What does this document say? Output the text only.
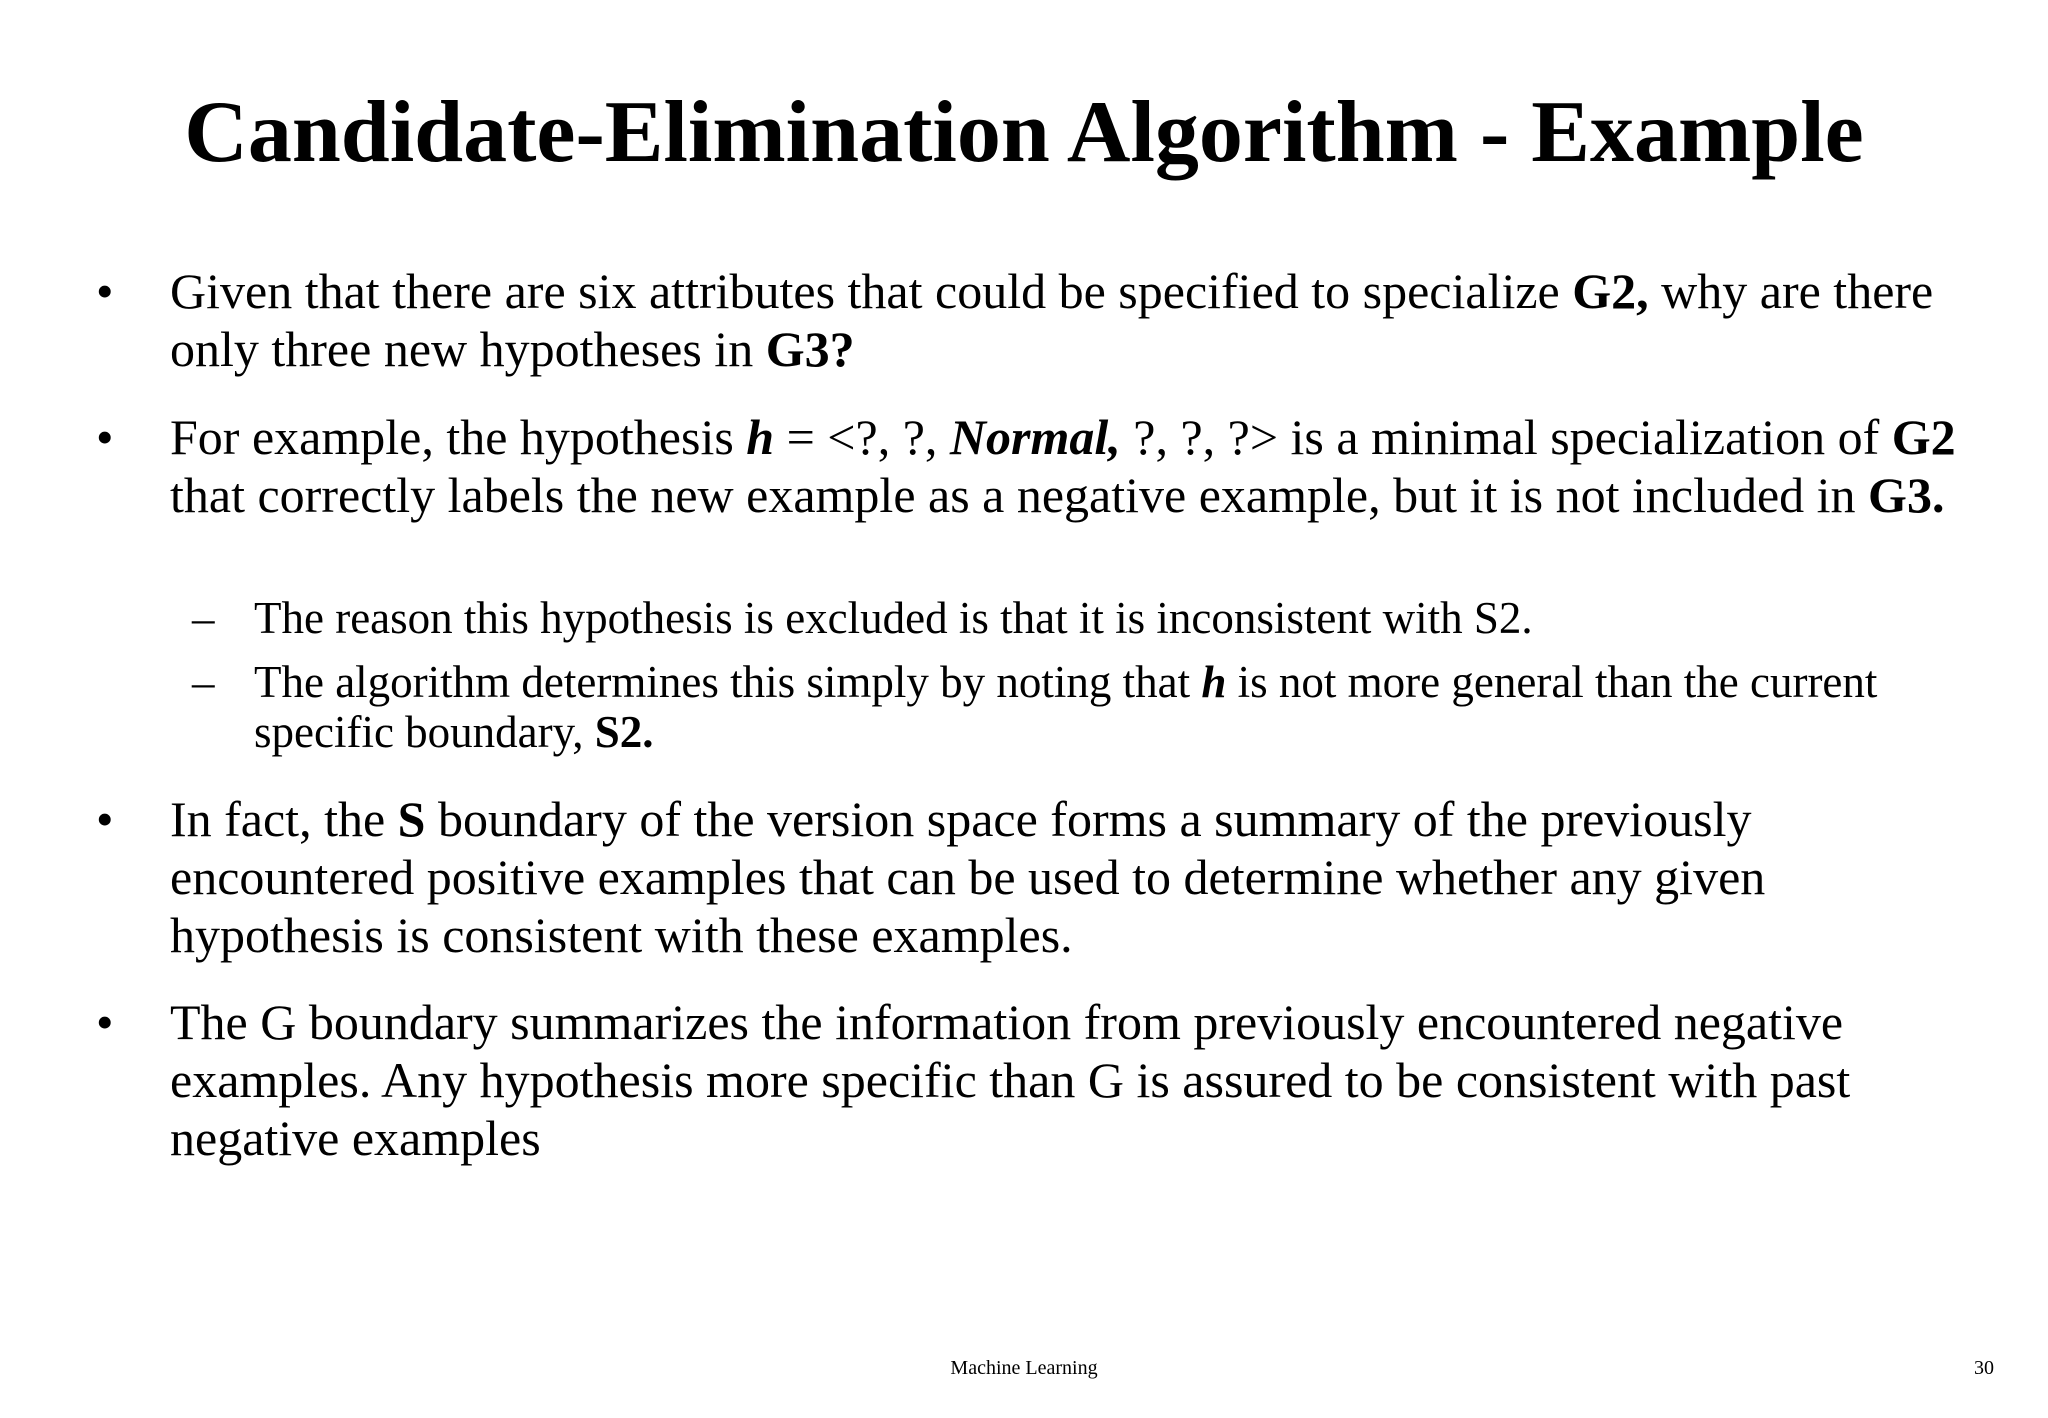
Candidate-Elimination Algorithm - Example
• Given that there are six attributes that could be specified to specialize G2, why are there only three new hypotheses in G3?
• For example, the hypothesis h = <?, ?, Normal, ?, ?, ?> is a minimal specialization of G2 that correctly labels the new example as a negative example, but it is not included in G3.
– The reason this hypothesis is excluded is that it is inconsistent with S2.
– The algorithm determines this simply by noting that h is not more general than the current specific boundary, S2.
• In fact, the S boundary of the version space forms a summary of the previously encountered positive examples that can be used to determine whether any given hypothesis is consistent with these examples.
• The G boundary summarizes the information from previously encountered negative examples. Any hypothesis more specific than G is assured to be consistent with past negative examples
Machine Learning	30
